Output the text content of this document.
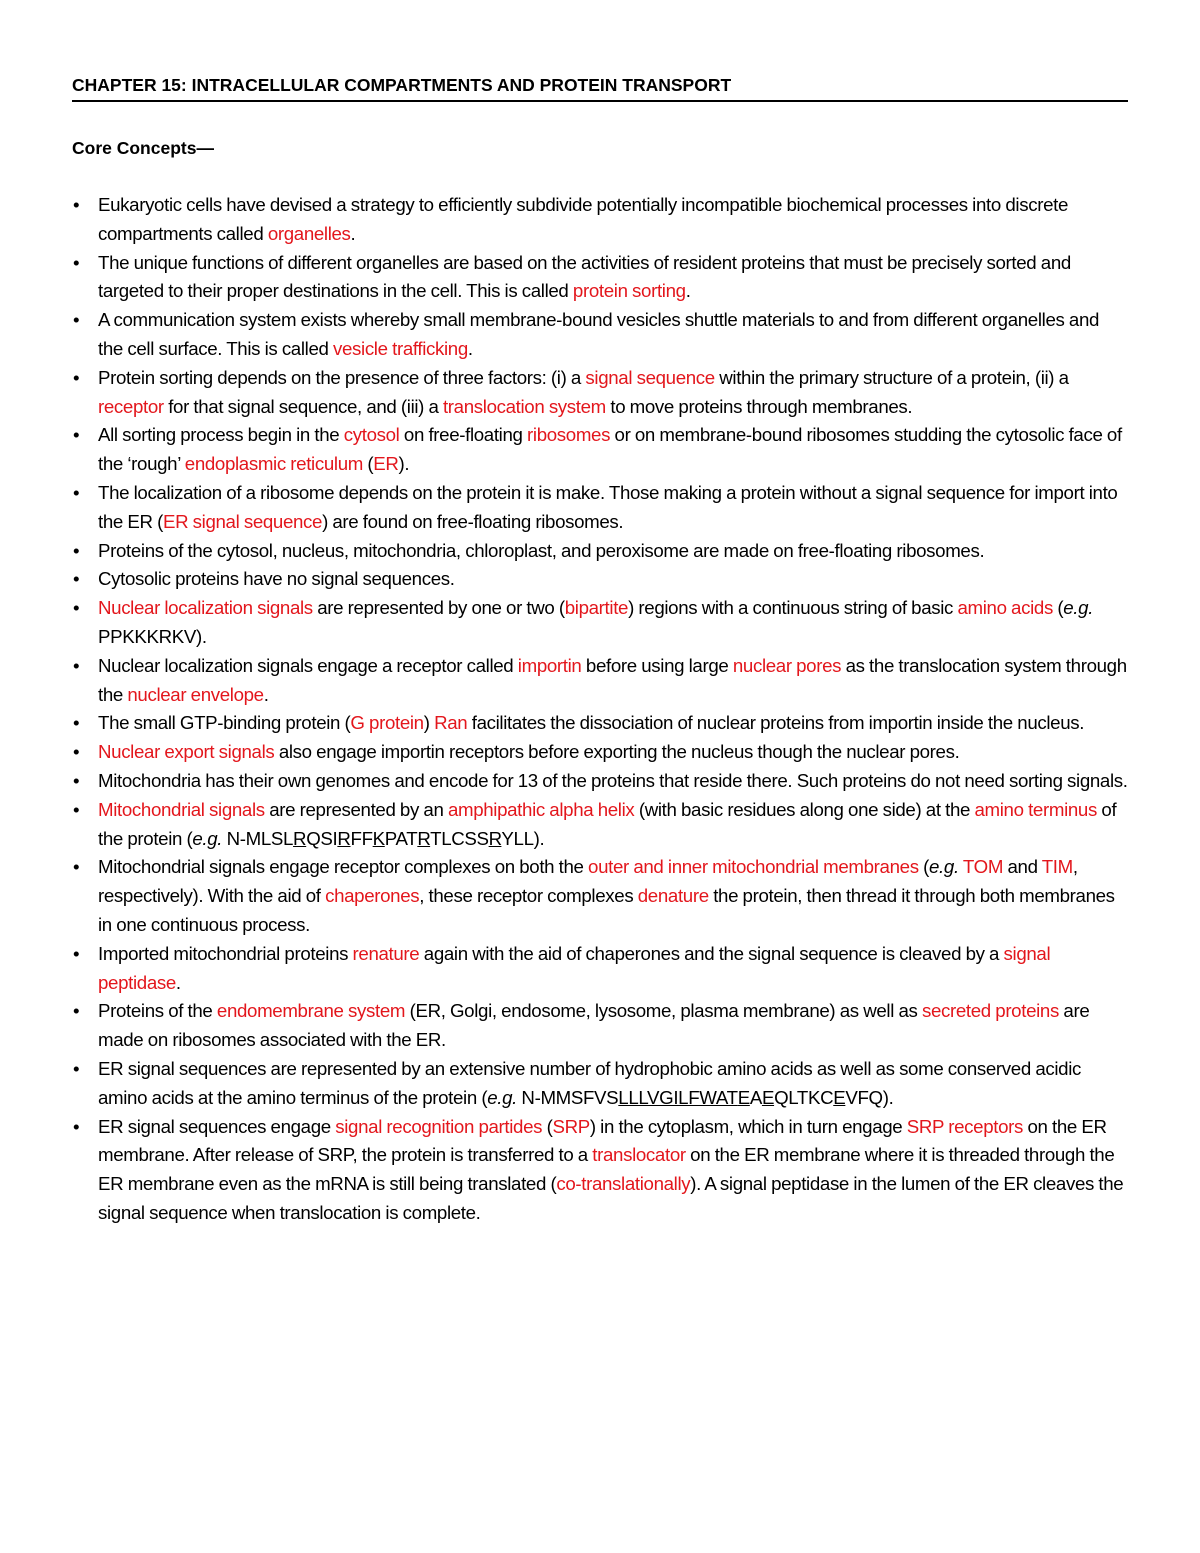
CHAPTER 15: INTRACELLULAR COMPARTMENTS AND PROTEIN TRANSPORT
Core Concepts—
• Eukaryotic cells have devised a strategy to efficiently subdivide potentially incompatible biochemical processes into discrete compartments called organelles.
• The unique functions of different organelles are based on the activities of resident proteins that must be precisely sorted and targeted to their proper destinations in the cell. This is called protein sorting.
• A communication system exists whereby small membrane-bound vesicles shuttle materials to and from different organelles and the cell surface. This is called vesicle trafficking.
• Protein sorting depends on the presence of three factors: (i) a signal sequence within the primary structure of a protein, (ii) a receptor for that signal sequence, and (iii) a translocation system to move proteins through membranes.
• All sorting process begin in the cytosol on free-floating ribosomes or on membrane-bound ribosomes studding the cytosolic face of the ‘rough’ endoplasmic reticulum (ER).
• The localization of a ribosome depends on the protein it is make. Those making a protein without a signal sequence for import into the ER (ER signal sequence) are found on free-floating ribosomes.
• Proteins of the cytosol, nucleus, mitochondria, chloroplast, and peroxisome are made on free-floating ribosomes.
• Cytosolic proteins have no signal sequences.
• Nuclear localization signals are represented by one or two (bipartite) regions with a continuous string of basic amino acids (e.g. PPKKKRKV).
• Nuclear localization signals engage a receptor called importin before using large nuclear pores as the translocation system through the nuclear envelope.
• The small GTP-binding protein (G protein) Ran facilitates the dissociation of nuclear proteins from importin inside the nucleus.
• Nuclear export signals also engage importin receptors before exporting the nucleus though the nuclear pores.
• Mitochondria has their own genomes and encode for 13 of the proteins that reside there. Such proteins do not need sorting signals.
• Mitochondrial signals are represented by an amphipathic alpha helix (with basic residues along one side) at the amino terminus of the protein (e.g. N-MLSLRQSIRFFKPATRTLCSSRYLL).
• Mitochondrial signals engage receptor complexes on both the outer and inner mitochondrial membranes (e.g. TOM and TIM, respectively). With the aid of chaperones, these receptor complexes denature the protein, then thread it through both membranes in one continuous process.
• Imported mitochondrial proteins renature again with the aid of chaperones and the signal sequence is cleaved by a signal peptidase.
• Proteins of the endomembrane system (ER, Golgi, endosome, lysosome, plasma membrane) as well as secreted proteins are made on ribosomes associated with the ER.
• ER signal sequences are represented by an extensive number of hydrophobic amino acids as well as some conserved acidic amino acids at the amino terminus of the protein (e.g. N-MMSFVSLLLVGILFWATEAEQLTKCEVFQ).
• ER signal sequences engage signal recognition partides (SRP) in the cytoplasm, which in turn engage SRP receptors on the ER membrane. After release of SRP, the protein is transferred to a translocator on the ER membrane where it is threaded through the ER membrane even as the mRNA is still being translated (co-translationally). A signal peptidase in the lumen of the ER cleaves the signal sequence when translocation is complete.
